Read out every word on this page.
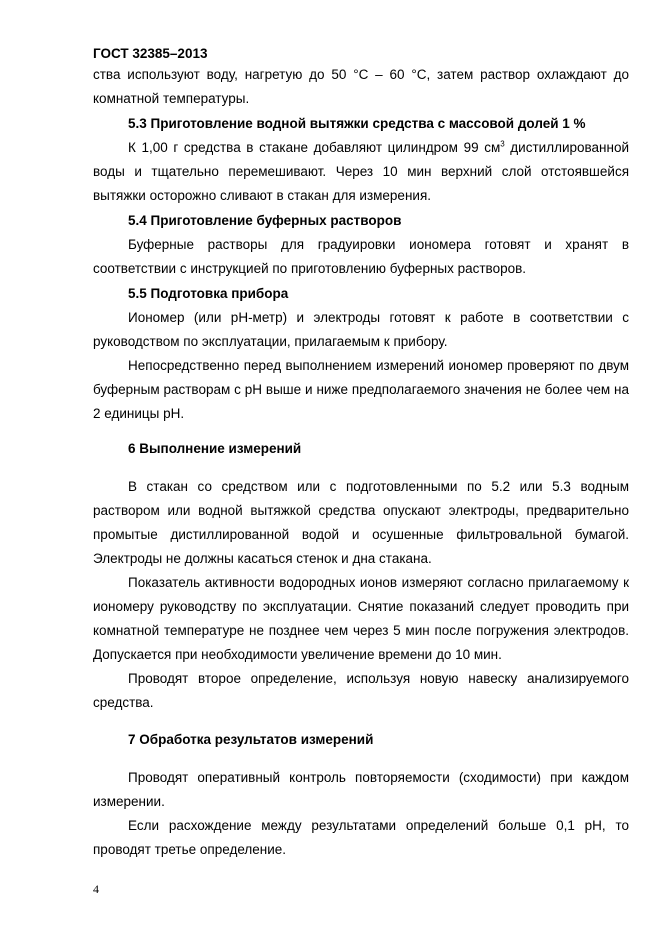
ГОСТ 32385–2013

ства используют воду, нагретую до 50 °С – 60 °С, затем раствор охлаждают до комнатной температуры.

5.3 Приготовление водной вытяжки средства с массовой долей 1 %

К 1,00 г средства в стакане добавляют цилиндром 99 $см^3$ дистиллированной воды и тщательно перемешивают. Через 10 мин верхний слой отстоявшейся вытяжки осторожно сливают в стакан для измерения.

5.4 Приготовление буферных растворов

Буферные растворы для градуировки иономера готовят и хранят в соответствии с инструкцией по приготовлению буферных растворов.

5.5 Подготовка прибора

Иономер (или рН-метр) и электроды готовят к работе в соответствии с руководством по эксплуатации, прилагаемым к прибору.

Непосредственно перед выполнением измерений иономер проверяют по двум буферным растворам с рН выше и ниже предполагаемого значения не более чем на 2 единицы рН.

6 Выполнение измерений

В стакан со средством или с подготовленными по 5.2 или 5.3 водным раствором или водной вытяжкой средства опускают электроды, предварительно промытые дистиллированной водой и осушенные фильтровальной бумагой. Электроды не должны касаться стенок и дна стакана.

Показатель активности водородных ионов измеряют согласно прилагаемому к иономеру руководству по эксплуатации. Снятие показаний следует проводить при комнатной температуре не позднее чем через 5 мин после погружения электродов. Допускается при необходимости увеличение времени до 10 мин.

Проводят второе определение, используя новую навеску анализируемого средства.

7 Обработка результатов измерений

Проводят оперативный контроль повторяемости (сходимости) при каждом измерении.

Если расхождение между результатами определений больше 0,1 рН, то проводят третье определение.

4
